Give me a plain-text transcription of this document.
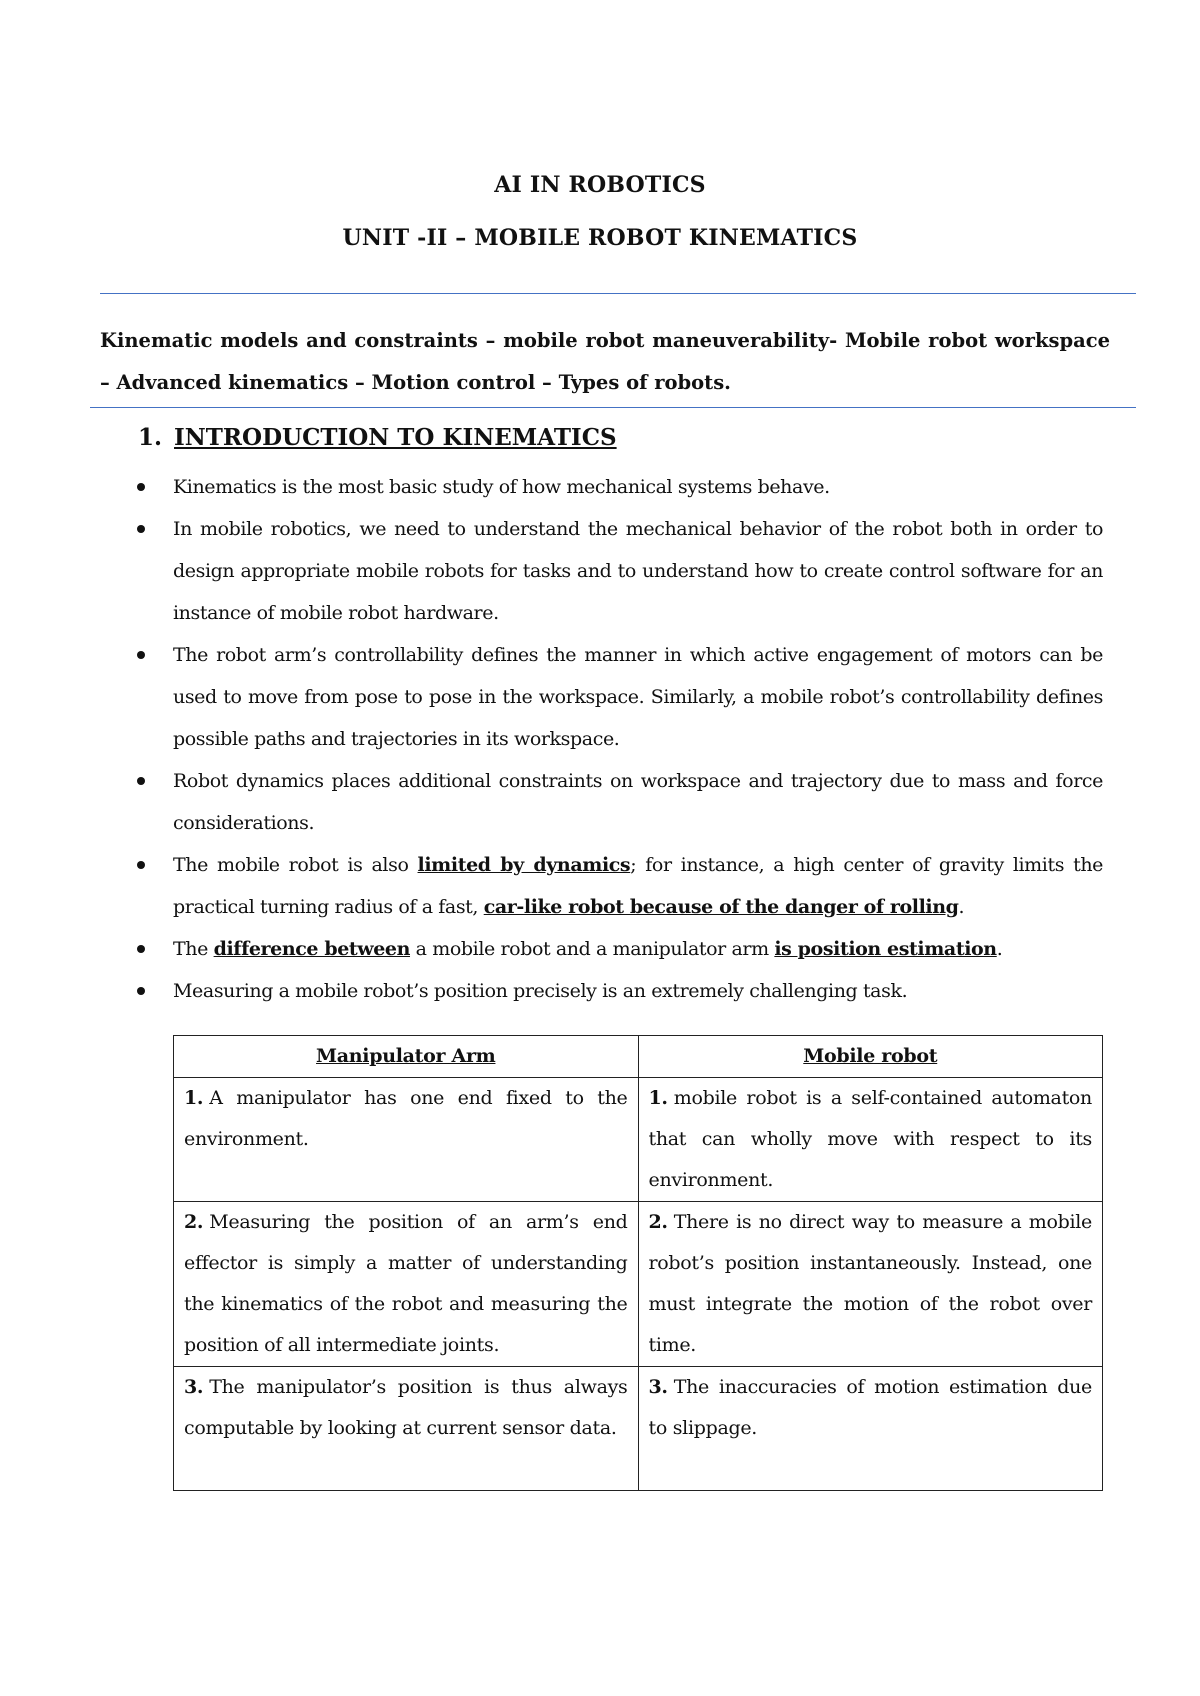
AI IN ROBOTICS
UNIT -II – MOBILE ROBOT KINEMATICS
Kinematic models and constraints – mobile robot maneuverability- Mobile robot workspace – Advanced kinematics – Motion control – Types of robots.
1. INTRODUCTION TO KINEMATICS
Kinematics is the most basic study of how mechanical systems behave.
In mobile robotics, we need to understand the mechanical behavior of the robot both in order to design appropriate mobile robots for tasks and to understand how to create control software for an instance of mobile robot hardware.
The robot arm’s controllability defines the manner in which active engagement of motors can be used to move from pose to pose in the workspace. Similarly, a mobile robot’s controllability defines possible paths and trajectories in its workspace.
Robot dynamics places additional constraints on workspace and trajectory due to mass and force considerations.
The mobile robot is also limited by dynamics; for instance, a high center of gravity limits the practical turning radius of a fast, car-like robot because of the danger of rolling.
The difference between a mobile robot and a manipulator arm is position estimation.
Measuring a mobile robot’s position precisely is an extremely challenging task.
Manipulator Arm	Mobile robot
1. A manipulator has one end fixed to the environment.	1. mobile robot is a self-contained automaton that can wholly move with respect to its environment.
2. Measuring the position of an arm’s end effector is simply a matter of understanding the kinematics of the robot and measuring the position of all intermediate joints.	2. There is no direct way to measure a mobile robot’s position instantaneously. Instead, one must integrate the motion of the robot over time.
3. The manipulator’s position is thus always computable by looking at current sensor data.	3. The inaccuracies of motion estimation due to slippage.
